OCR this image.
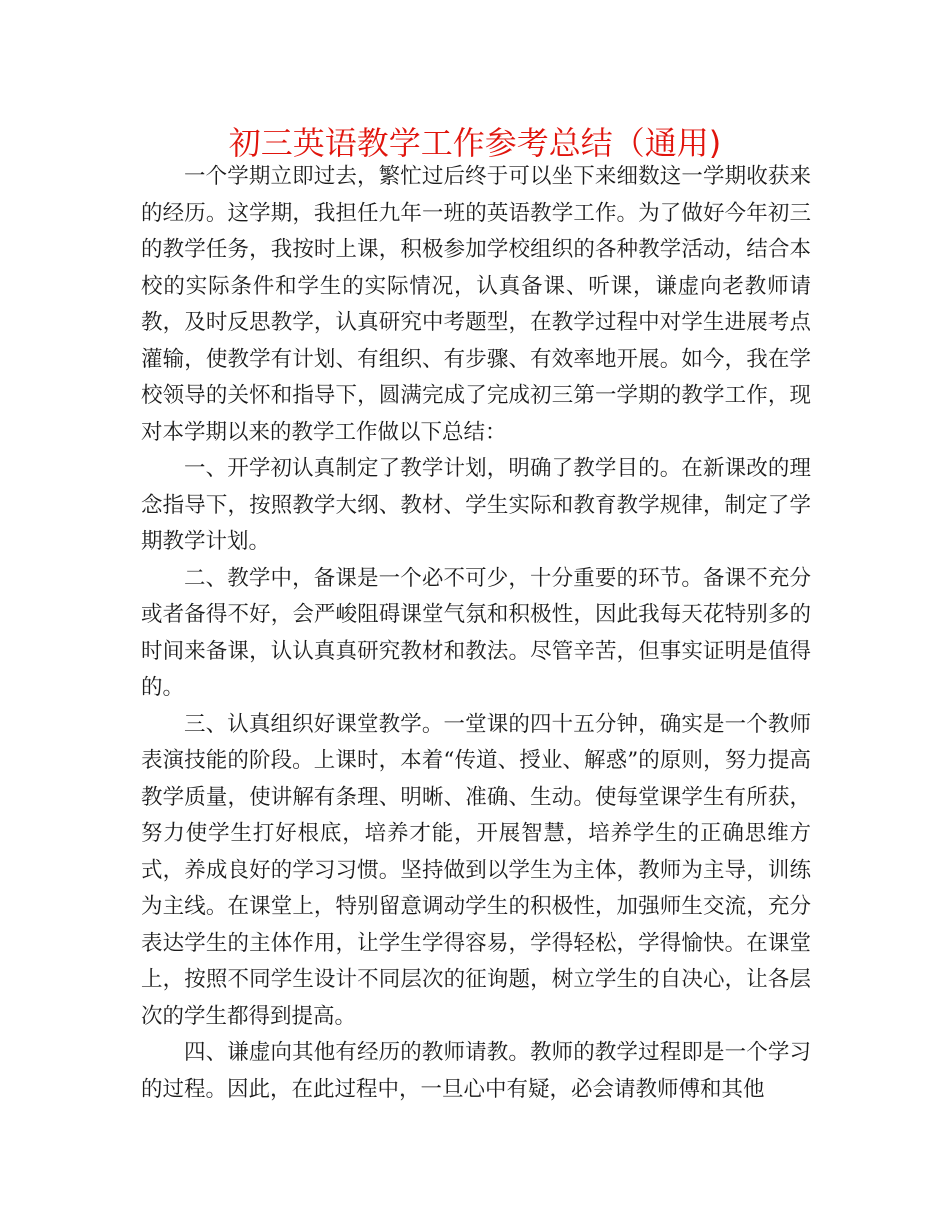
初三英语教学工作参考总结（通用)

一个学期立即过去，繁忙过后终于可以坐下来细数这一学期收获来的经历。这学期，我担任九年一班的英语教学工作。为了做好今年初三的教学任务，我按时上课，积极参加学校组织的各种教学活动，结合本校的实际条件和学生的实际情况，认真备课、听课，谦虚向老教师请教，及时反思教学，认真研究中考题型，在教学过程中对学生进展考点灌输，使教学有计划、有组织、有步骤、有效率地开展。如今，我在学校领导的关怀和指导下，圆满完成了完成初三第一学期的教学工作，现对本学期以来的教学工作做以下总结：

一、开学初认真制定了教学计划，明确了教学目的。在新课改的理念指导下，按照教学大纲、教材、学生实际和教育教学规律，制定了学期教学计划。

二、教学中，备课是一个必不可少，十分重要的环节。备课不充分或者备得不好，会严峻阻碍课堂气氛和积极性，因此我每天花特别多的时间来备课，认认真真研究教材和教法。尽管辛苦，但事实证明是值得的。

三、认真组织好课堂教学。一堂课的四十五分钟，确实是一个教师表演技能的阶段。上课时，本着“传道、授业、解惑”的原则，努力提高教学质量，使讲解有条理、明晰、准确、生动。使每堂课学生有所获，努力使学生打好根底，培养才能，开展智慧，培养学生的正确思维方式，养成良好的学习习惯。坚持做到以学生为主体，教师为主导，训练为主线。在课堂上，特别留意调动学生的积极性，加强师生交流，充分表达学生的主体作用，让学生学得容易，学得轻松，学得愉快。在课堂上，按照不同学生设计不同层次的征询题，树立学生的自决心，让各层次的学生都得到提高。

四、谦虚向其他有经历的教师请教。教师的教学过程即是一个学习的过程。因此，在此过程中，一旦心中有疑，必会请教师傅和其他
